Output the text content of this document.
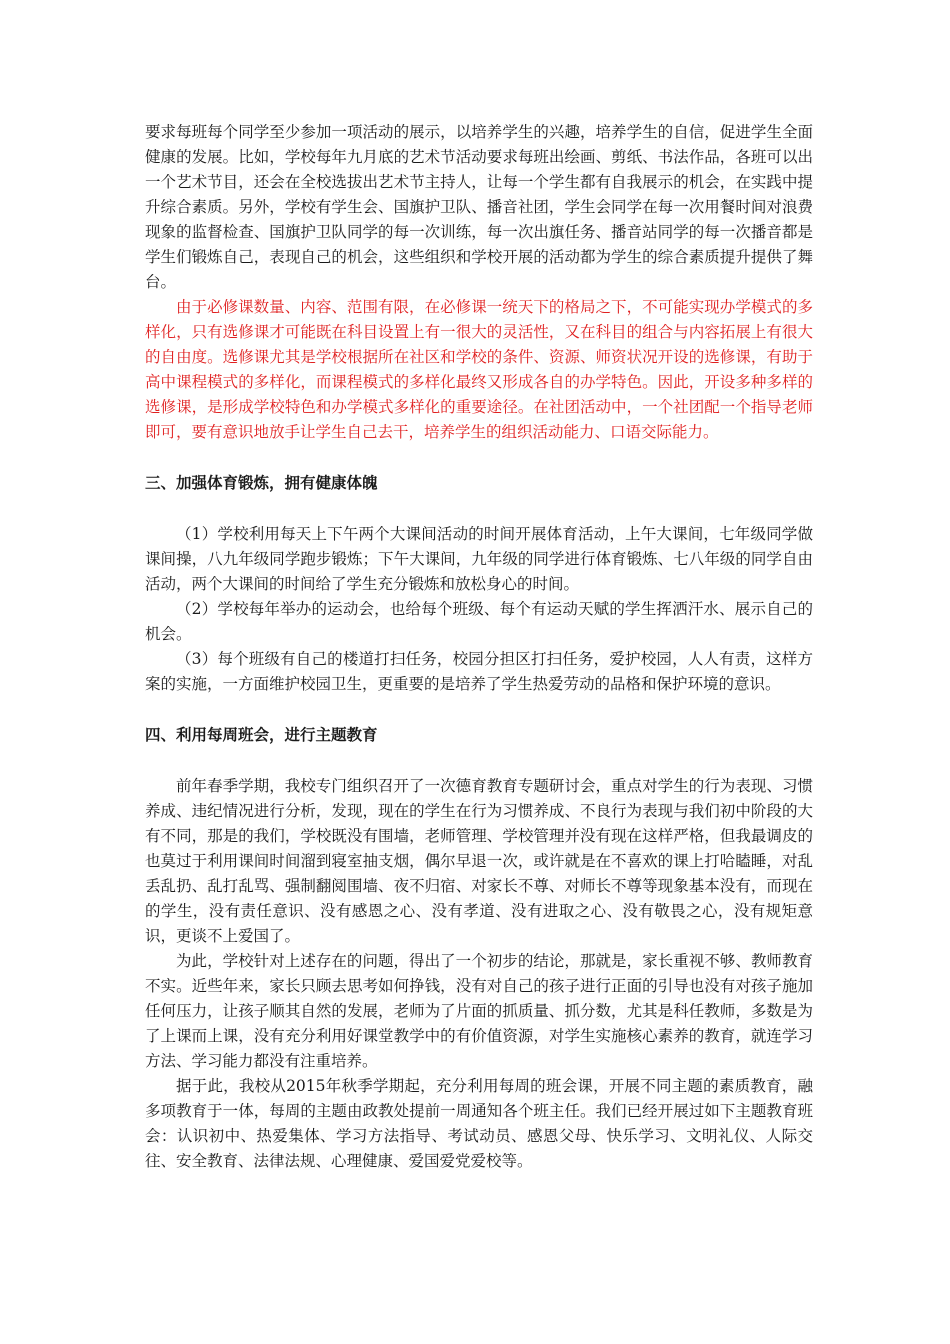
要求每班每个同学至少参加一项活动的展示，以培养学生的兴趣，培养学生的自信，促进学生全面健康的发展。比如，学校每年九月底的艺术节活动要求每班出绘画、剪纸、书法作品，各班可以出一个艺术节目，还会在全校选拔出艺术节主持人，让每一个学生都有自我展示的机会，在实践中提升综合素质。另外，学校有学生会、国旗护卫队、播音社团，学生会同学在每一次用餐时间对浪费现象的监督检查、国旗护卫队同学的每一次训练，每一次出旗任务、播音站同学的每一次播音都是学生们锻炼自己，表现自己的机会，这些组织和学校开展的活动都为学生的综合素质提升提供了舞台。

由于必修课数量、内容、范围有限，在必修课一统天下的格局之下，不可能实现办学模式的多样化，只有选修课才可能既在科目设置上有一很大的灵活性，又在科目的组合与内容拓展上有很大的自由度。选修课尤其是学校根据所在社区和学校的条件、资源、师资状况开设的选修课，有助于高中课程模式的多样化，而课程模式的多样化最终又形成各自的办学特色。因此，开设多种多样的选修课，是形成学校特色和办学模式多样化的重要途径。在社团活动中，一个社团配一个指导老师即可，要有意识地放手让学生自己去干，培养学生的组织活动能力、口语交际能力。

三、加强体育锻炼，拥有健康体魄

（1）学校利用每天上下午两个大课间活动的时间开展体育活动，上午大课间，七年级同学做课间操，八九年级同学跑步锻炼；下午大课间，九年级的同学进行体育锻炼、七八年级的同学自由活动，两个大课间的时间给了学生充分锻炼和放松身心的时间。

（2）学校每年举办的运动会，也给每个班级、每个有运动天赋的学生挥洒汗水、展示自己的机会。

（3）每个班级有自己的楼道打扫任务，校园分担区打扫任务，爱护校园，人人有责，这样方案的实施，一方面维护校园卫生，更重要的是培养了学生热爱劳动的品格和保护环境的意识。

四、利用每周班会，进行主题教育

前年春季学期，我校专门组织召开了一次德育教育专题研讨会，重点对学生的行为表现、习惯养成、违纪情况进行分析，发现，现在的学生在行为习惯养成、不良行为表现与我们初中阶段的大有不同，那是的我们，学校既没有围墙，老师管理、学校管理并没有现在这样严格，但我最调皮的也莫过于利用课间时间溜到寝室抽支烟，偶尔早退一次，或许就是在不喜欢的课上打哈瞌睡，对乱丢乱扔、乱打乱骂、强制翻阅围墙、夜不归宿、对家长不尊、对师长不尊等现象基本没有，而现在的学生，没有责任意识、没有感恩之心、没有孝道、没有进取之心、没有敬畏之心，没有规矩意识，更谈不上爱国了。

为此，学校针对上述存在的问题，得出了一个初步的结论，那就是，家长重视不够、教师教育不实。近些年来，家长只顾去思考如何挣钱，没有对自己的孩子进行正面的引导也没有对孩子施加任何压力，让孩子顺其自然的发展，老师为了片面的抓质量、抓分数，尤其是科任教师，多数是为了上课而上课，没有充分利用好课堂教学中的有价值资源，对学生实施核心素养的教育，就连学习方法、学习能力都没有注重培养。

据于此，我校从2015年秋季学期起，充分利用每周的班会课，开展不同主题的素质教育，融多项教育于一体，每周的主题由政教处提前一周通知各个班主任。我们已经开展过如下主题教育班会：认识初中、热爱集体、学习方法指导、考试动员、感恩父母、快乐学习、文明礼仪、人际交往、安全教育、法律法规、心理健康、爱国爱党爱校等。
